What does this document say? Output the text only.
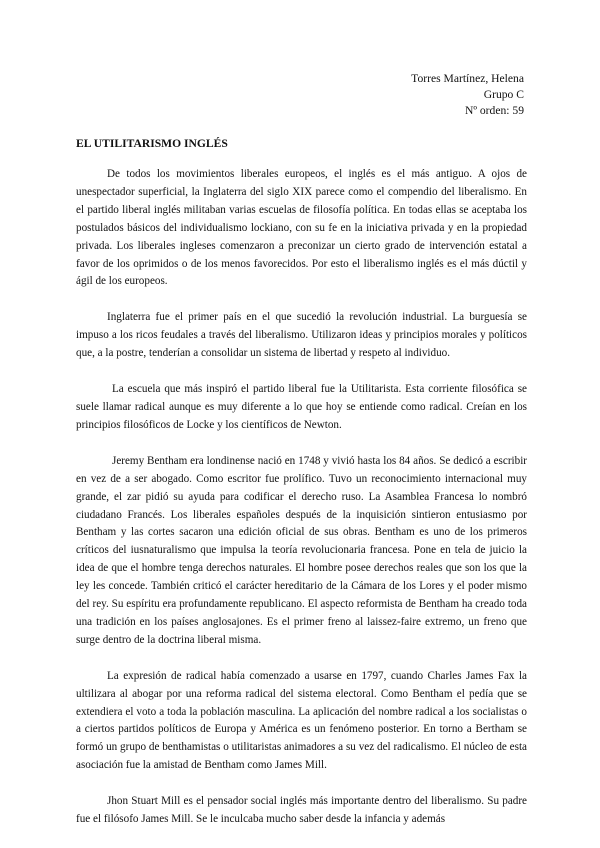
Torres Martínez, Helena
Grupo C
Nº orden: 59
EL UTILITARISMO INGLÉS

De todos los movimientos liberales europeos, el inglés es el más antiguo. A ojos de unespectador superficial, la Inglaterra del siglo XIX parece como el compendio del liberalismo. En el partido liberal inglés militaban varias escuelas de filosofía política. En todas ellas se aceptaba los postulados básicos del individualismo lockiano, con su fe en la iniciativa privada y en la propiedad privada. Los liberales ingleses comenzaron a preconizar un cierto grado de intervención estatal a favor de los oprimidos o de los menos favorecidos. Por esto el liberalismo inglés es el más dúctil y ágil de los europeos.

Inglaterra fue el primer país en el que sucedió la revolución industrial. La burguesía se impuso a los ricos feudales a través del liberalismo. Utilizaron ideas y principios morales y políticos que, a la postre, tenderían a consolidar un sistema de libertad y respeto al individuo.

La escuela que más inspiró el partido liberal fue la Utilitarista. Esta corriente filosófica se suele llamar radical aunque es muy diferente a lo que hoy se entiende como radical. Creían en los principios filosóficos de Locke y los científicos de Newton.

Jeremy Bentham era londinense nació en 1748 y vivió hasta los 84 años. Se dedicó a escribir en vez de a ser abogado. Como escritor fue prolífico. Tuvo un reconocimiento internacional muy grande, el zar pidió su ayuda para codificar el derecho ruso. La Asamblea Francesa lo nombró ciudadano Francés. Los liberales españoles después de la inquisición sintieron entusiasmo por Bentham y las cortes sacaron una edición oficial de sus obras. Bentham es uno de los primeros críticos del iusnaturalismo que impulsa la teoría revolucionaria francesa. Pone en tela de juicio la idea de que el hombre tenga derechos naturales. El hombre posee derechos reales que son los que la ley les concede. También criticó el carácter hereditario de la Cámara de los Lores y el poder mismo del rey. Su espíritu era profundamente republicano. El aspecto reformista de Bentham ha creado toda una tradición en los países anglosajones. Es el primer freno al laissez-faire extremo, un freno que surge dentro de la doctrina liberal misma.

La expresión de radical había comenzado a usarse en 1797, cuando Charles James Fax la ultilizara al abogar por una reforma radical del sistema electoral. Como Bentham el pedía que se extendiera el voto a toda la población masculina. La aplicación del nombre radical a los socialistas o a ciertos partidos políticos de Europa y América es un fenómeno posterior. En torno a Bertham se formó un grupo de benthamistas o utilitaristas animadores a su vez del radicalismo. El núcleo de esta asociación fue la amistad de Bentham como James Mill.

Jhon Stuart Mill es el pensador social inglés más importante dentro del liberalismo. Su padre fue el filósofo James Mill. Se le inculcaba mucho saber desde la infancia y además
